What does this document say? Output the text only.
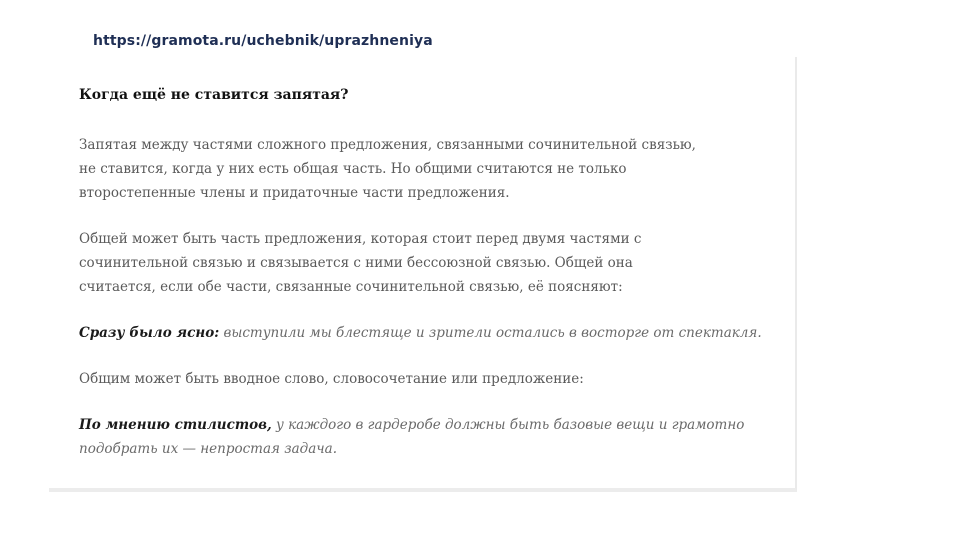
https://gramota.ru/uchebnik/uprazhneniya
Когда ещё не ставится запятая?
Запятая между частями сложного предложения, связанными сочинительной связью,
не ставится, когда у них есть общая часть. Но общими считаются не только
второстепенные члены и придаточные части предложения.
Общей может быть часть предложения, которая стоит перед двумя частями с
сочинительной связью и связывается с ними бессоюзной связью. Общей она
считается, если обе части, связанные сочинительной связью, её поясняют:
Сразу было ясно: выступили мы блестяще и зрители остались в восторге от спектакля.
Общим может быть вводное слово, словосочетание или предложение:
По мнению стилистов, у каждого в гардеробе должны быть базовые вещи и грамотно
подобрать их — непростая задача.
